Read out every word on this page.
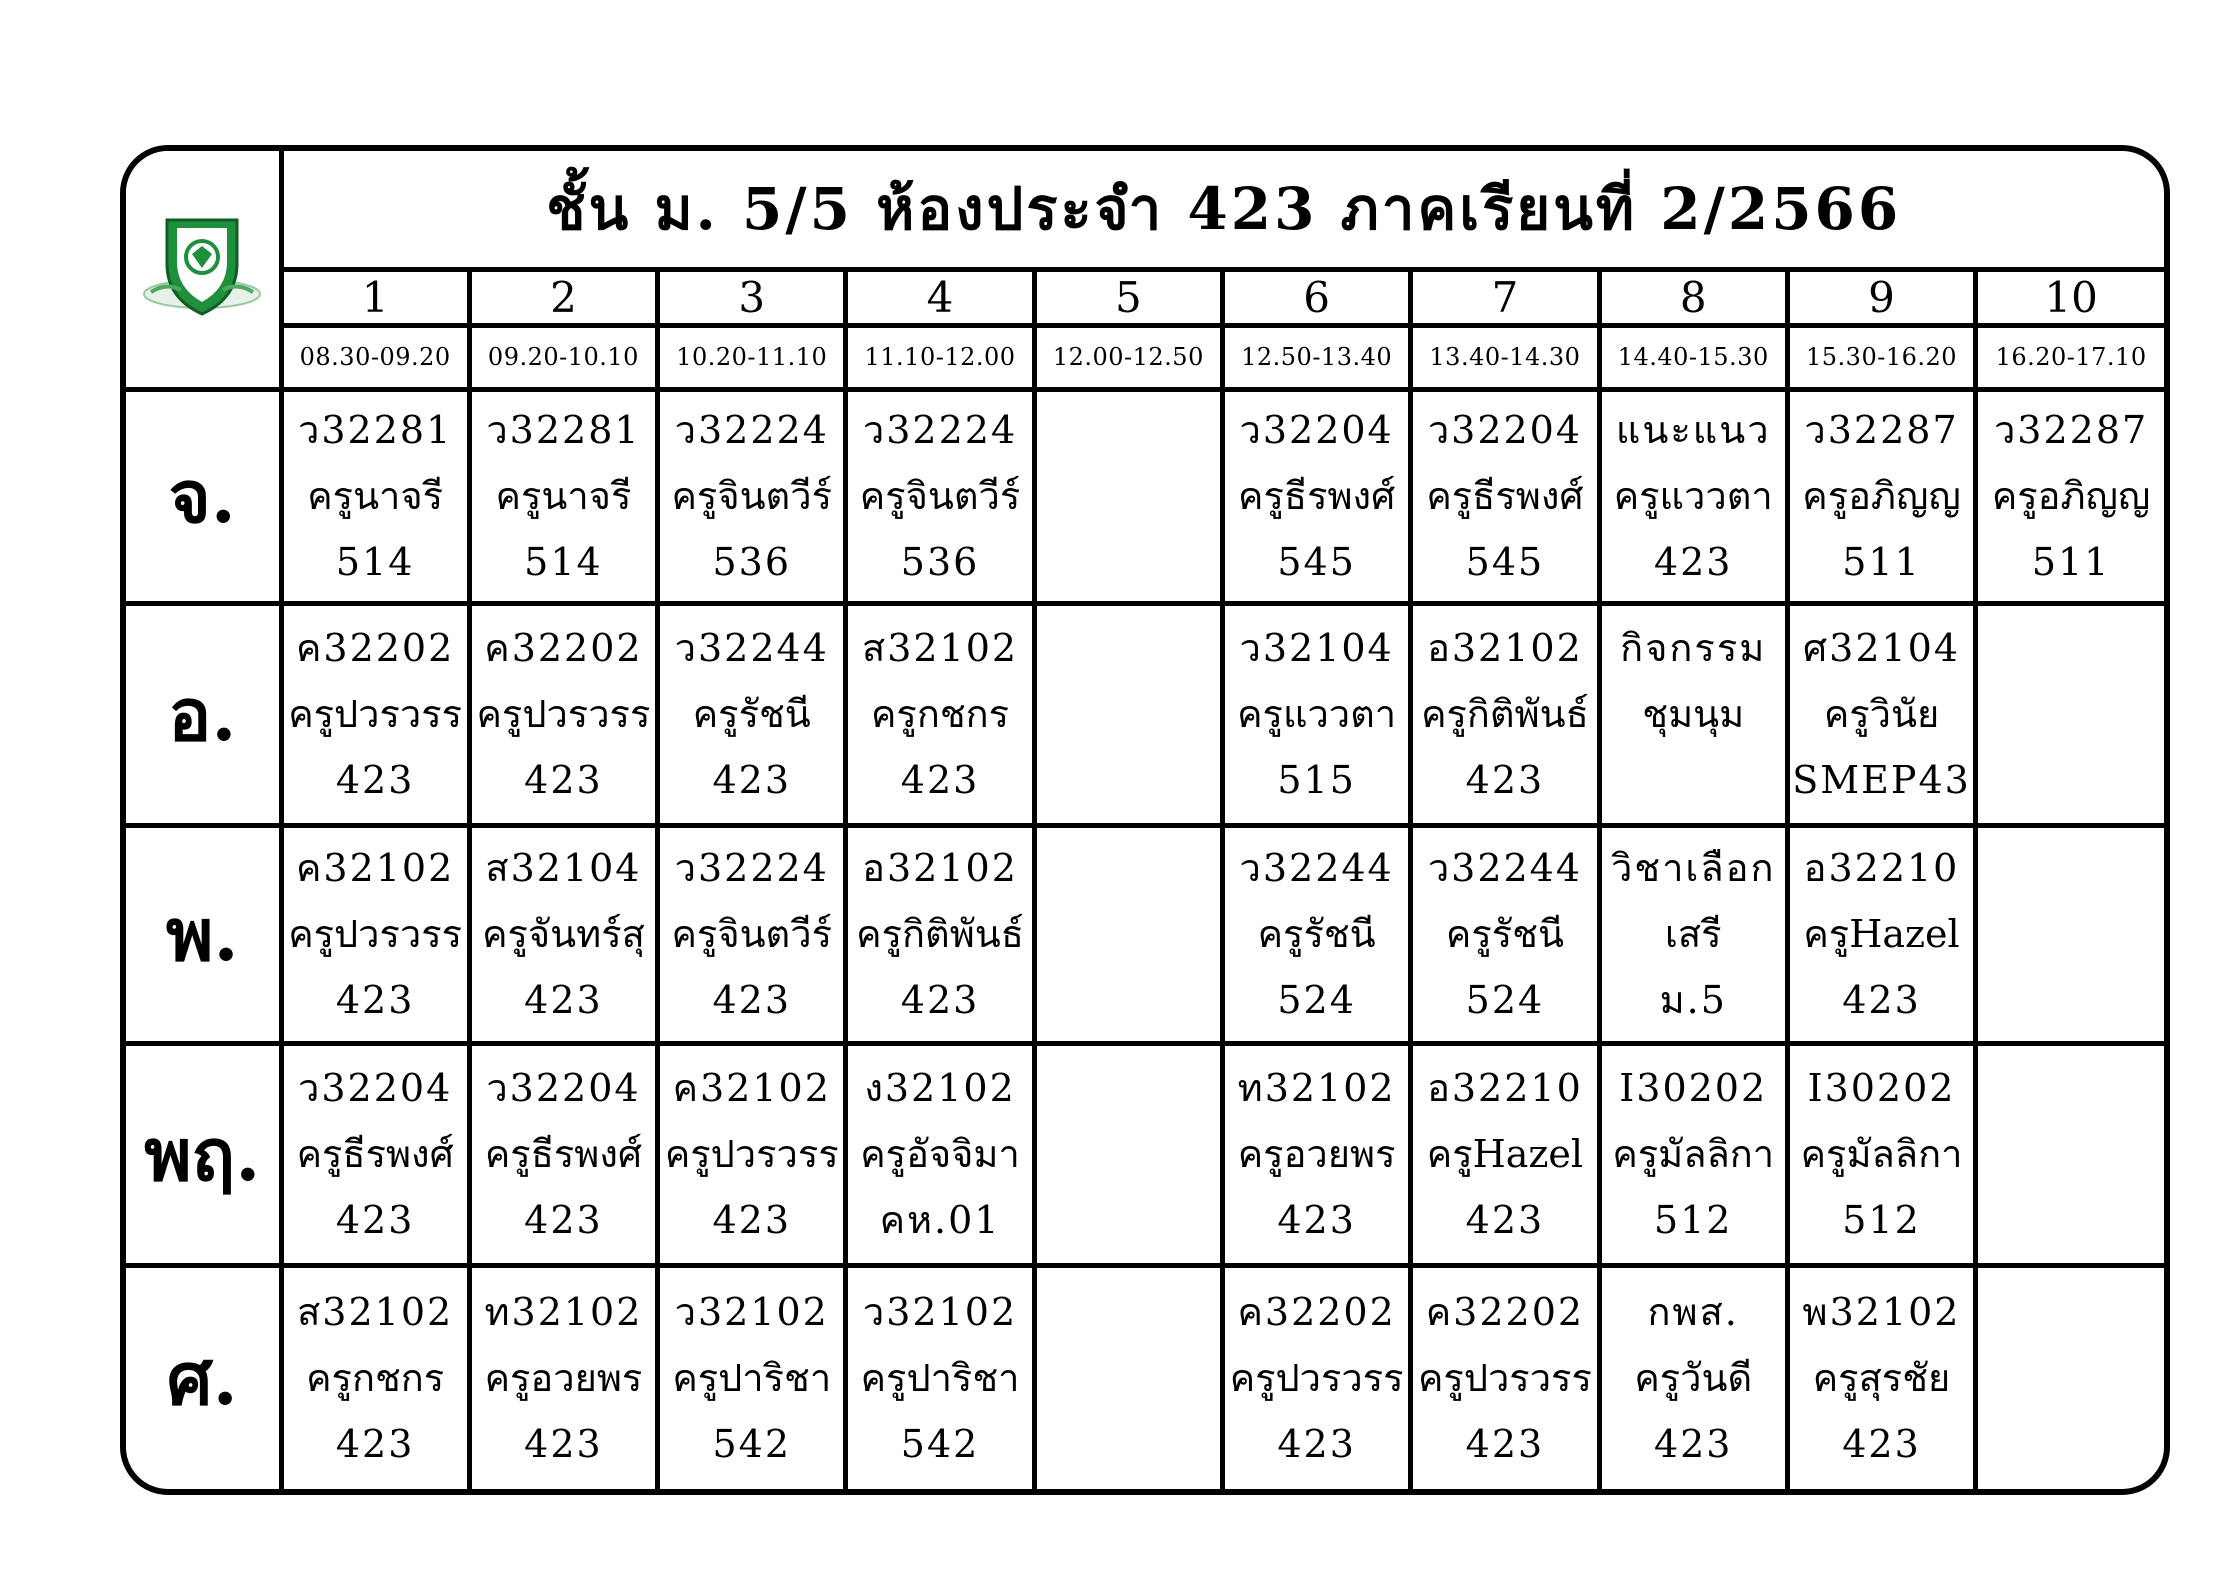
	ชั้น ม. 5/5 ห้องประจำ 423 ภาคเรียนที่ 2/2566									
	1	2	3	4	5	6	7	8	9	10
	08.30-09.20	09.20-10.10	10.20-11.10	11.10-12.00	12.00-12.50	12.50-13.40	13.40-14.30	14.40-15.30	15.30-16.20	16.20-17.10
จ.	ว32281
ครูนาจรี
514	ว32281
ครูนาจรี
514	ว32224
ครูจินตวีร์
536	ว32224
ครูจินตวีร์
536		ว32204
ครูธีรพงศ์
545	ว32204
ครูธีรพงศ์
545	แนะแนว
ครูแววตา
423	ว32287
ครูอภิญญ
511	ว32287
ครูอภิญญ
511

อ.	ค32202
ครูปวรวรร
423	ค32202
ครูปวรวรร
423	ว32244
ครูรัชนี
423	ส32102
ครูกชกร
423		ว32104
ครูแววตา
515	อ32102
ครูกิติพันธ์
423	กิจกรรม
ชุมนุม	ศ32104
ครูวินัย
SMEP43	

พ.	ค32102
ครูปวรวรร
423	ส32104
ครูจันทร์สุ
423	ว32224
ครูจินตวีร์
423	อ32102
ครูกิติพันธ์
423		ว32244
ครูรัชนี
524	ว32244
ครูรัชนี
524	วิชาเลือก
เสรี
ม.5	อ32210
ครูHazel
423	

พฤ.	ว32204
ครูธีรพงศ์
423	ว32204
ครูธีรพงศ์
423	ค32102
ครูปวรวรร
423	ง32102
ครูอัจจิมา
คห.01		ท32102
ครูอวยพร
423	อ32210
ครูHazel
423	I30202
ครูมัลลิกา
512	I30202
ครูมัลลิกา
512	

ศ.	ส32102
ครูกชกร
423	ท32102
ครูอวยพร
423	ว32102
ครูปาริชา
542	ว32102
ครูปาริชา
542		ค32202
ครูปวรวรร
423	ค32202
ครูปวรวรร
423	กพส.
ครูวันดี
423	พ32102
ครูสุรชัย
423	
